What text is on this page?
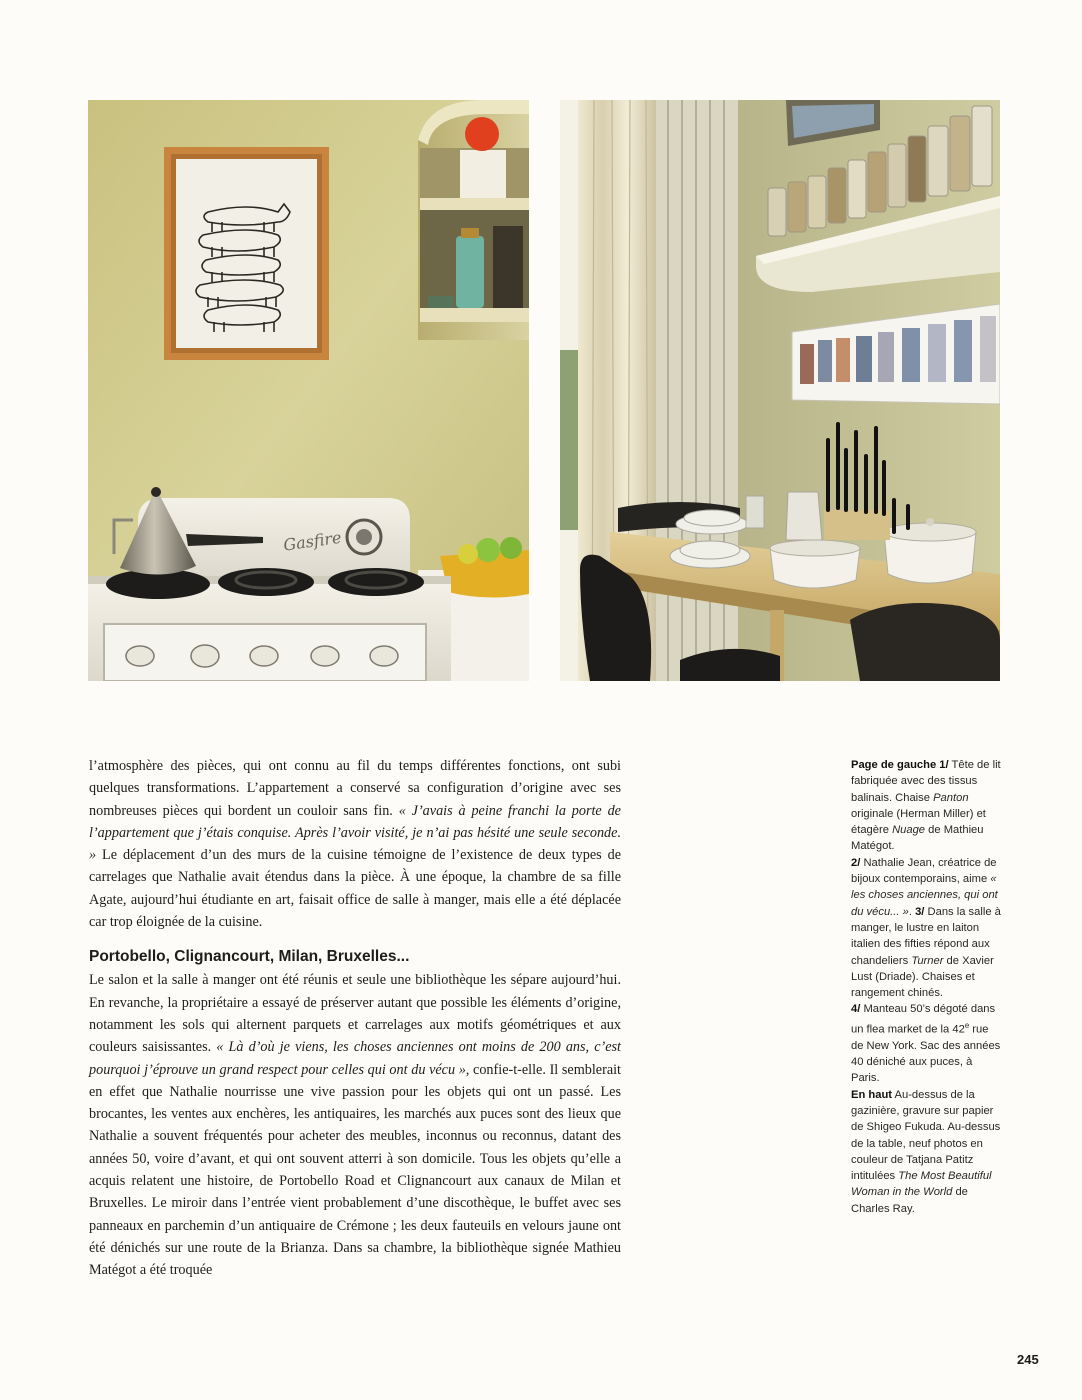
Gasfire

l’atmosphère des pièces, qui ont connu au fil du temps différentes fonctions, ont subi quelques transformations. L’appartement a conservé sa configuration d’origine avec ses nombreuses pièces qui bordent un couloir sans fin. « J’avais à peine franchi la porte de l’appartement que j’étais conquise. Après l’avoir visité, je n’ai pas hésité une seule seconde. » Le déplacement d’un des murs de la cuisine témoigne de l’existence de deux types de carrelages que Nathalie avait étendus dans la pièce. À une époque, la chambre de sa fille Agate, aujourd’hui étudiante en art, faisait office de salle à manger, mais elle a été déplacée car trop éloignée de la cuisine.

Portobello, Clignancourt, Milan, Bruxelles...

Le salon et la salle à manger ont été réunis et seule une bibliothèque les sépare aujourd’hui. En revanche, la propriétaire a essayé de préserver autant que possible les éléments d’origine, notamment les sols qui alternent parquets et carrelages aux motifs géométriques et aux couleurs saisissantes. « Là d’où je viens, les choses anciennes ont moins de 200 ans, c’est pourquoi j’éprouve un grand respect pour celles qui ont du vécu », confie-t-elle. Il semblerait en effet que Nathalie nourrisse une vive passion pour les objets qui ont un passé. Les brocantes, les ventes aux enchères, les antiquaires, les marchés aux puces sont des lieux que Nathalie a souvent fréquentés pour acheter des meubles, inconnus ou reconnus, datant des années 50, voire d’avant, et qui ont souvent atterri à son domicile. Tous les objets qu’elle a acquis relatent une histoire, de Portobello Road et Clignancourt aux canaux de Milan et Bruxelles. Le miroir dans l’entrée vient probablement d’une discothèque, le buffet avec ses panneaux en parchemin d’un antiquaire de Crémone ; les deux fauteuils en velours jaune ont été dénichés sur une route de la Brianza. Dans sa chambre, la bibliothèque signée Mathieu Matégot a été troquée

Page de gauche 1/ Tête de lit fabriquée avec des tissus balinais. Chaise Panton originale (Herman Miller) et étagère Nuage de Mathieu Matégot.
2/ Nathalie Jean, créatrice de bijoux contemporains, aime « les choses anciennes, qui ont du vécu... ». 3/ Dans la salle à manger, le lustre en laiton italien des fifties répond aux chandeliers Turner de Xavier Lust (Driade). Chaises et rangement chinés.
4/ Manteau 50’s dégoté dans un flea market de la 42e rue de New York. Sac des années 40 déniché aux puces, à Paris.
En haut Au-dessus de la gazinière, gravure sur papier de Shigeo Fukuda. Au-dessus de la table, neuf photos en couleur de Tatjana Patitz intitulées The Most Beautiful Woman in the World de Charles Ray.
245
